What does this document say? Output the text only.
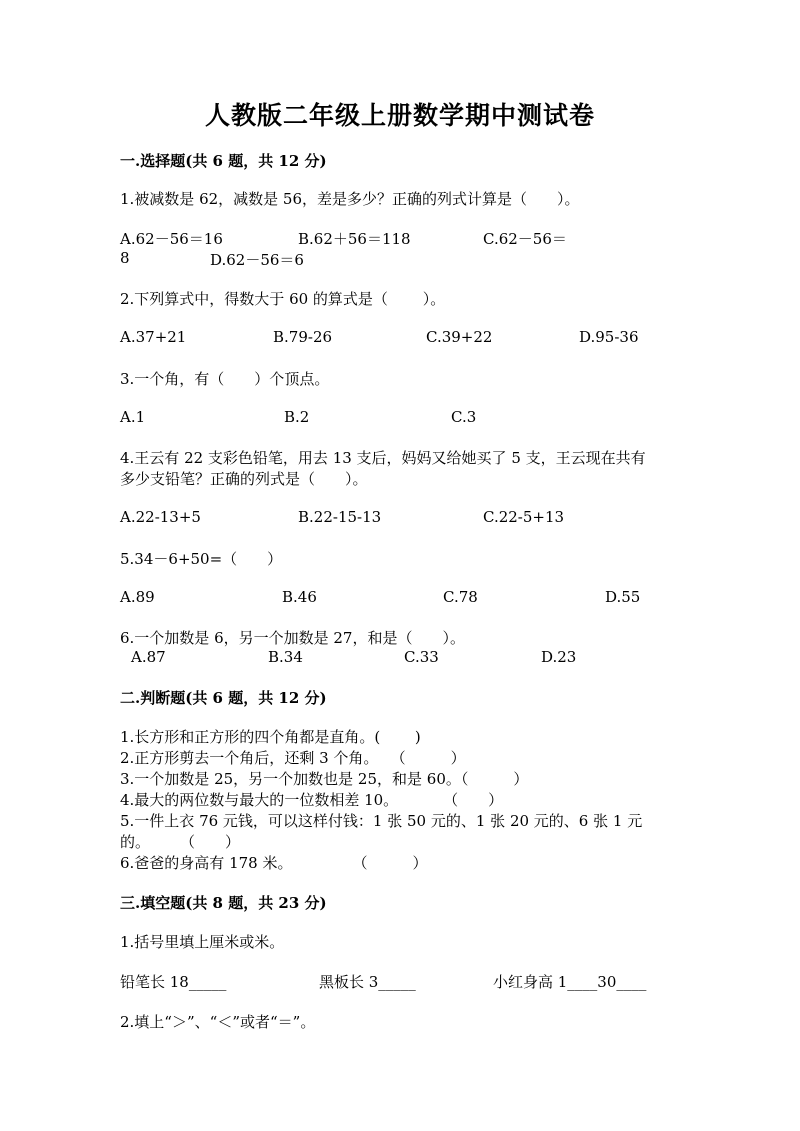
人教版二年级上册数学期中测试卷
一.选择题(共 6 题，共 12 分)
1.被减数是 62，减数是 56，差是多少？正确的列式计算是（　　）。
A.62－56＝16	B.62＋56＝118	C.62－56＝
8	D.62－56＝6
2.下列算式中，得数大于 60 的算式是（　　 ）。
A.37+21	B.79-26	C.39+22	D.95-36
3.一个角，有（　　）个顶点。
A.1	B.2	C.3
4.王云有 22 支彩色铅笔，用去 13 支后，妈妈又给她买了 5 支，王云现在共有
多少支铅笔？正确的列式是（　　）。
A.22-13+5	B.22-15-13	C.22-5+13
5.34－6+50=（　　）
A.89	B.46	C.78	D.55
6.一个加数是 6，另一个加数是 27，和是（　　）。
A.87	B.34	C.33	D.23
二.判断题(共 6 题，共 12 分)
1.长方形和正方形的四个角都是直角。(　　 )
2.正方形剪去一个角后，还剩 3 个角。　 （　　　）
3.一个加数是 25，另一个加数也是 25，和是 60。（　　　）
4.最大的两位数与最大的一位数相差 10。　　　　（　　）
5.一件上衣 76 元钱，可以这样付钱：1 张 50 元的、1 张 20 元的、6 张 1 元
的。　　　（　　）
6.爸爸的身高有 178 米。　　　　　（　　　）
三.填空题(共 8 题，共 23 分)
1.括号里填上厘米或米。
铅笔长 18_____	黑板长 3_____	小红身高 1____30____
2.填上“＞”、“＜”或者“＝”。
